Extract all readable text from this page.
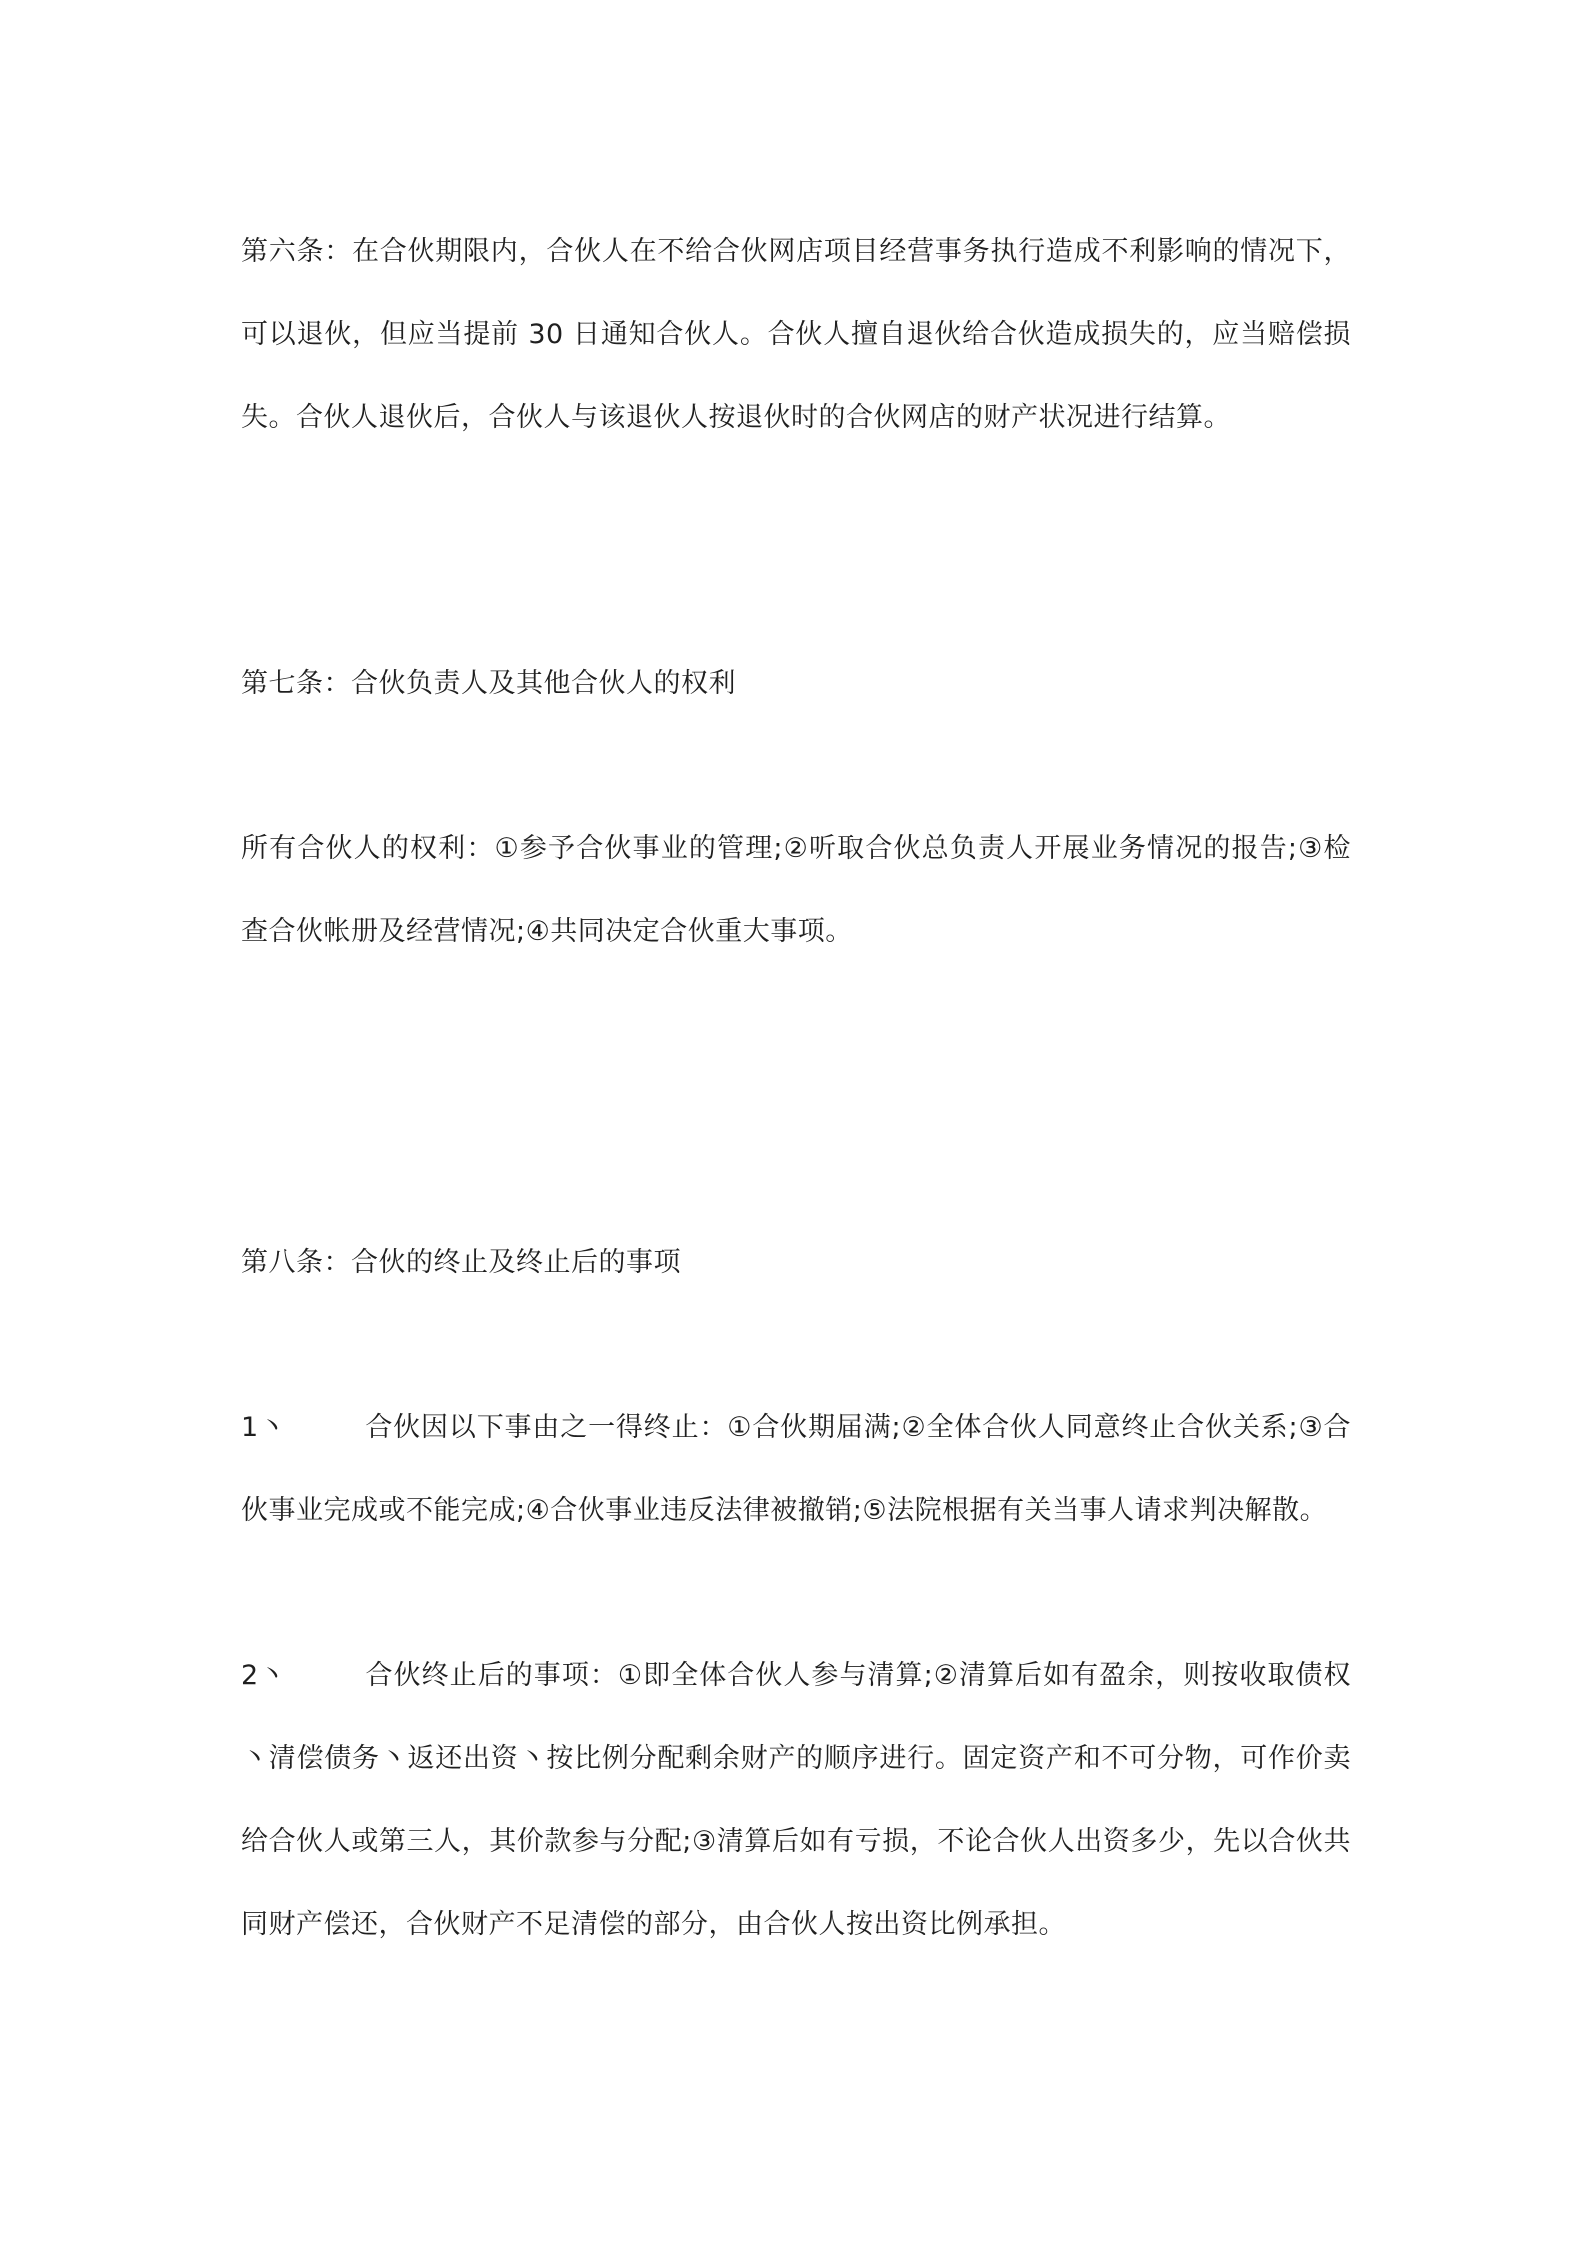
第六条：在合伙期限内，合伙人在不给合伙网店项目经营事务执行造成不利影响的情况下，可以退伙，但应当提前 30 日通知合伙人。合伙人擅自退伙给合伙造成损失的，应当赔偿损失。合伙人退伙后，合伙人与该退伙人按退伙时的合伙网店的财产状况进行结算。

第七条：合伙负责人及其他合伙人的权利

所有合伙人的权利：①参予合伙事业的管理;②听取合伙总负责人开展业务情况的报告;③检查合伙帐册及经营情况;④共同决定合伙重大事项。

第八条：合伙的终止及终止后的事项

1丶	合伙因以下事由之一得终止：①合伙期届满;②全体合伙人同意终止合伙关系;③合伙事业完成或不能完成;④合伙事业违反法律被撤销;⑤法院根据有关当事人请求判决解散。

2丶	合伙终止后的事项：①即全体合伙人参与清算;②清算后如有盈余，则按收取债权丶清偿债务丶返还出资丶按比例分配剩余财产的顺序进行。固定资产和不可分物，可作价卖给合伙人或第三人，其价款参与分配;③清算后如有亏损，不论合伙人出资多少，先以合伙共同财产偿还，合伙财产不足清偿的部分，由合伙人按出资比例承担。
